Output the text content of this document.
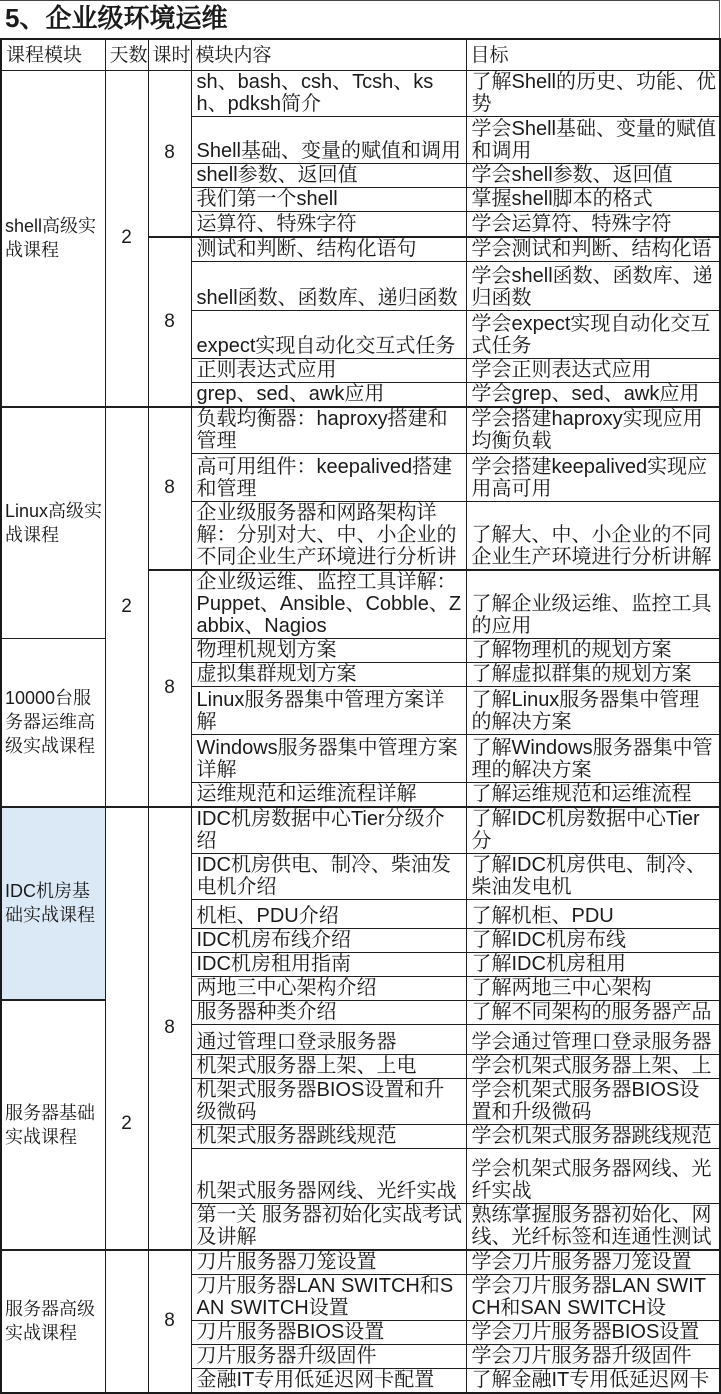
5、企业级环境运维
课程模块	天数	课时	模块内容	目标
shell高级实战课程	2	8	sh、bash、csh、Tcsh、ksh、pdksh简介	了解Shell的历史、功能、优势
			Shell基础、变量的赋值和调用	学会Shell基础、变量的赋值和调用
			shell参数、返回值	学会shell参数、返回值
			我们第一个shell	掌握shell脚本的格式
			运算符、特殊字符	学会运算符、特殊字符
		8	测试和判断、结构化语句	学会测试和判断、结构化语
			shell函数、函数库、递归函数	学会shell函数、函数库、递归函数
			expect实现自动化交互式任务	学会expect实现自动化交互式任务
			正则表达式应用	学会正则表达式应用
			grep、sed、awk应用	学会grep、sed、awk应用
Linux高级实战课程	2	8	负载均衡器：haproxy搭建和管理	学会搭建haproxy实现应用均衡负载
			高可用组件：keepalived搭建和管理	学会搭建keepalived实现应用高可用
			企业级服务器和网路架构详解：分别对大、中、小企业的不同企业生产环境进行分析讲	了解大、中、小企业的不同企业生产环境进行分析讲解
		8	企业级运维、监控工具详解：Puppet、Ansible、Cobble、Zabbix、Nagios	了解企业级运维、监控工具的应用
10000台服务器运维高级实战课程			物理机规划方案	了解物理机的规划方案
			虚拟集群规划方案	了解虚拟群集的规划方案
			Linux服务器集中管理方案详解	了解Linux服务器集中管理的解决方案
			Windows服务器集中管理方案详解	了解Windows服务器集中管理的解决方案
			运维规范和运维流程详解	了解运维规范和运维流程
IDC机房基础实战课程		8	IDC机房数据中心Tier分级介绍	了解IDC机房数据中心Tier分
			IDC机房供电、制冷、柴油发电机介绍	了解IDC机房供电、制冷、柴油发电机
			机柜、PDU介绍	了解机柜、PDU
			IDC机房布线介绍	了解IDC机房布线
			IDC机房租用指南	了解IDC机房租用
			两地三中心架构介绍	了解两地三中心架构
服务器基础实战课程	2		服务器种类介绍	了解不同架构的服务器产品
			通过管理口登录服务器	学会通过管理口登录服务器
			机架式服务器上架、上电	学会机架式服务器上架、上
			机架式服务器BIOS设置和升级微码	学会机架式服务器BIOS设置和升级微码
			机架式服务器跳线规范	学会机架式服务器跳线规范
			机架式服务器网线、光纤实战	学会机架式服务器网线、光纤实战
			第一关 服务器初始化实战考试及讲解	熟练掌握服务器初始化、网线、光纤标签和连通性测试
服务器高级实战课程		8	刀片服务器刀笼设置	学会刀片服务器刀笼设置
			刀片服务器LAN SWITCH和SAN SWITCH设置	学会刀片服务器LAN SWITCH和SAN SWITCH设
			刀片服务器BIOS设置	学会刀片服务器BIOS设置
			刀片服务器升级固件	学会刀片服务器升级固件
			金融IT专用低延迟网卡配置	了解金融IT专用低延迟网卡
